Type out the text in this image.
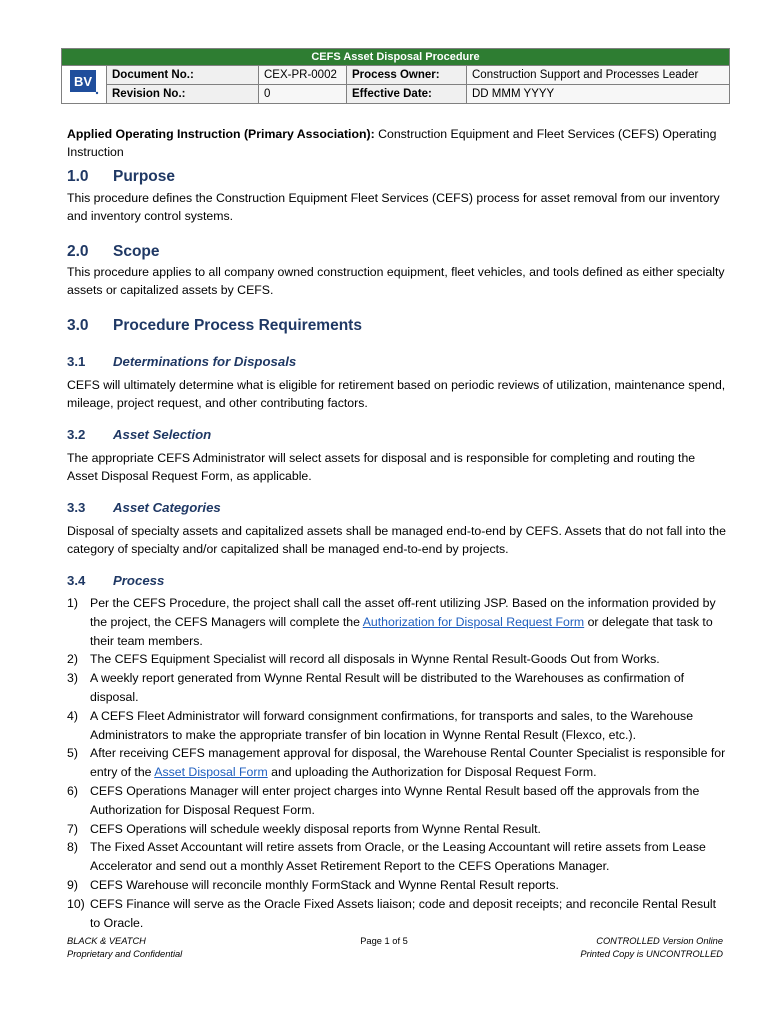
CEFS Asset Disposal Procedure				

BV	Document No.:	CEX-PR-0002	Process Owner:	Construction Support and Processes Leader
	Revision No.:	0	Effective Date:	DD MMM YYYY
Applied Operating Instruction (Primary Association): Construction Equipment and Fleet Services (CEFS) Operating Instruction
1.0 Purpose
This procedure defines the Construction Equipment Fleet Services (CEFS) process for asset removal from our inventory and inventory control systems.
2.0 Scope
This procedure applies to all company owned construction equipment, fleet vehicles, and tools defined as either specialty assets or capitalized assets by CEFS.
3.0 Procedure Process Requirements
3.1 Determinations for Disposals
CEFS will ultimately determine what is eligible for retirement based on periodic reviews of utilization, maintenance spend, mileage, project request, and other contributing factors.
3.2 Asset Selection
The appropriate CEFS Administrator will select assets for disposal and is responsible for completing and routing the Asset Disposal Request Form, as applicable.
3.3 Asset Categories
Disposal of specialty assets and capitalized assets shall be managed end-to-end by CEFS. Assets that do not fall into the category of specialty and/or capitalized shall be managed end-to-end by projects.
3.4 Process
1) Per the CEFS Procedure, the project shall call the asset off-rent utilizing JSP. Based on the information provided by the project, the CEFS Managers will complete the Authorization for Disposal Request Form or delegate that task to their team members.
2) The CEFS Equipment Specialist will record all disposals in Wynne Rental Result-Goods Out from Works.
3) A weekly report generated from Wynne Rental Result will be distributed to the Warehouses as confirmation of disposal.
4) A CEFS Fleet Administrator will forward consignment confirmations, for transports and sales, to the Warehouse Administrators to make the appropriate transfer of bin location in Wynne Rental Result (Flexco, etc.).
5) After receiving CEFS management approval for disposal, the Warehouse Rental Counter Specialist is responsible for entry of the Asset Disposal Form and uploading the Authorization for Disposal Request Form.
6) CEFS Operations Manager will enter project charges into Wynne Rental Result based off the approvals from the Authorization for Disposal Request Form.
7) CEFS Operations will schedule weekly disposal reports from Wynne Rental Result.
8) The Fixed Asset Accountant will retire assets from Oracle, or the Leasing Accountant will retire assets from Lease Accelerator and send out a monthly Asset Retirement Report to the CEFS Operations Manager.
9) CEFS Warehouse will reconcile monthly FormStack and Wynne Rental Result reports.
10) CEFS Finance will serve as the Oracle Fixed Assets liaison; code and deposit receipts; and reconcile Rental Result to Oracle.
BLACK & VEATCH
Proprietary and Confidential
Page 1 of 5	CONTROLLED Version Online
Printed Copy is UNCONTROLLED
